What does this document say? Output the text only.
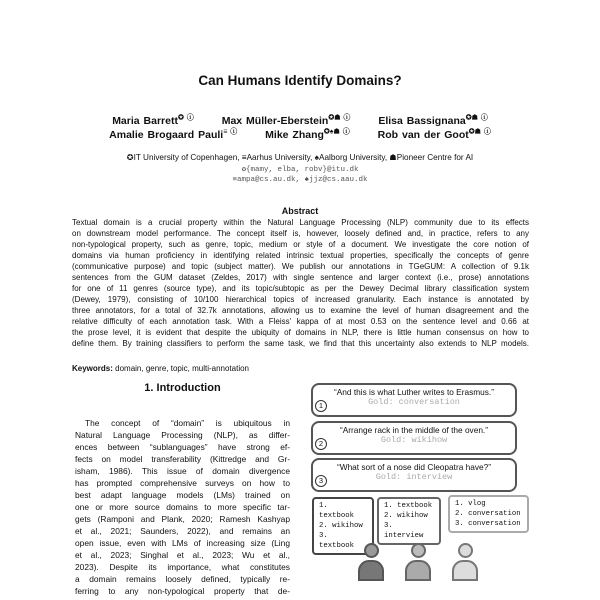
Can Humans Identify Domains?
Maria Barrett✪ ⓘ	Max Müller-Eberstein✪☗ ⓘ	Elisa Bassignana✪☗ ⓘ
Amalie Brogaard Pauli≡ ⓘ	Mike Zhang✪♠☗ ⓘ	Rob van der Goot✪☗ ⓘ
✪IT University of Copenhagen, ≡Aarhus University, ♠Aalborg University, ☗Pioneer Centre for AI
✪{mamy, elba, robv}@itu.dk
≡ampa@cs.au.dk, ♠jjz@cs.aau.dk
Abstract
Textual domain is a crucial property within the Natural Language Processing (NLP) community due to its effects
on downstream model performance. The concept itself is, however, loosely defined and, in practice, refers to any
non-typological property, such as genre, topic, medium or style of a document. We investigate the core notion of
domains via human proficiency in identifying related intrinsic textual properties, specifically the concepts of genre
(communicative purpose) and topic (subject matter). We publish our annotations in TGeGUM: A collection of 9.1k
sentences from the GUM dataset (Zeldes, 2017) with single sentence and larger context (i.e., prose) annotations
for one of 11 genres (source type), and its topic/subtopic as per the Dewey Decimal library classification system
(Dewey, 1979), consisting of 10/100 hierarchical topics of increased granularity. Each instance is annotated by
three annotators, for a total of 32.7k annotations, allowing us to examine the level of human disagreement and the
relative difficulty of each annotation task. With a Fleiss' kappa of at most 0.53 on the sentence level and 0.66 at
the prose level, it is evident that despite the ubiquity of domains in NLP, there is little human consensus on how to
define them. By training classifiers to perform the same task, we find that this uncertainty also extends to NLP models.
Keywords: domain, genre, topic, multi-annotation
1. Introduction
The concept of “domain” is ubiquitous in
Natural Language Processing (NLP), as differ-
ences between “sublanguages” have strong ef-
fects on model transferability (Kittredge and Gr-
isham, 1986). This issue of domain divergence
has prompted comprehensive surveys on how to
best adapt language models (LMs) trained on
one or more source domains to more specific tar-
gets (Ramponi and Plank, 2020; Ramesh Kashyap
et al., 2021; Saunders, 2022), and remains an
open issue, even with LMs of increasing size (Ling
et al., 2023; Singhal et al., 2023; Wu et al.,
2023). Despite its importance, what constitutes
a domain remains loosely defined, typically re-
ferring to any non-typological property that de-
1
“And this is what Luther writes to Erasmus.”
Gold: conversation
2
“Arrange rack in the middle of the oven.”
Gold: wikihow
3
“What sort of a nose did Cleopatra have?”
Gold: interview
1. textbook
2. wikihow
3. textbook
1. textbook
2. wikihow
3. interview
1. vlog
2. conversation
3. conversation
